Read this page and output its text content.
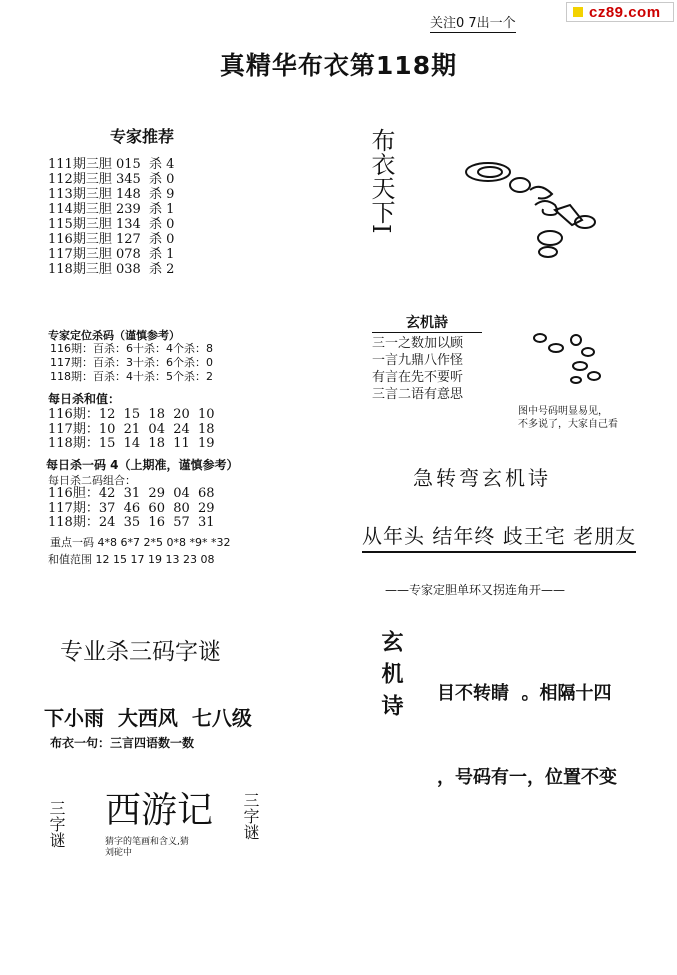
cz89.com
关注0 7出一个
真精华布衣第118期
专家推荐
111期三胆 015  杀 4
112期三胆 345  杀 0
113期三胆 148  杀 9
114期三胆 239  杀 1
115期三胆 134  杀 0
116期三胆 127  杀 0
117期三胆 078  杀 1
118期三胆 038  杀 2
专家定位杀码（谨慎参考）
116期：百杀：6十杀：4个杀：8
117期：百杀：3十杀：6个杀：0
118期：百杀：4十杀：5个杀：2
每日杀和值：
116期：12  15  18  20  10
117期：10  21  04  24  18
118期：15  14  18  11  19
每日杀一码 4（上期准，谨慎参考）
每日杀二码组合：
116胆：42  31  29  04  68
117期：37  46  60  80  29
118期：24  35  16  57  31
重点一码 4*8 6*7 2*5 0*8 *9* *32
和值范围 12 15 17 19 13 23 08
专业杀三码字谜
下小雨  大西风  七八级
布衣一句：三言四语数一数
三字谜 西游记 三字谜
猜字的笔画和含义,猜
刘砣中
布衣天下I
玄机詩
三一之数加以顾
一言九鼎八作怪
有言在先不要听
三言二语有意思
图中号码明显易见，
不多说了，大家自己看
急转弯玄机诗
从年头 结年终 歧王宅 老朋友
——专家定胆单环又拐连角开——
玄机诗

目不转睛  。相隔十四

，号码有一，位置不变
